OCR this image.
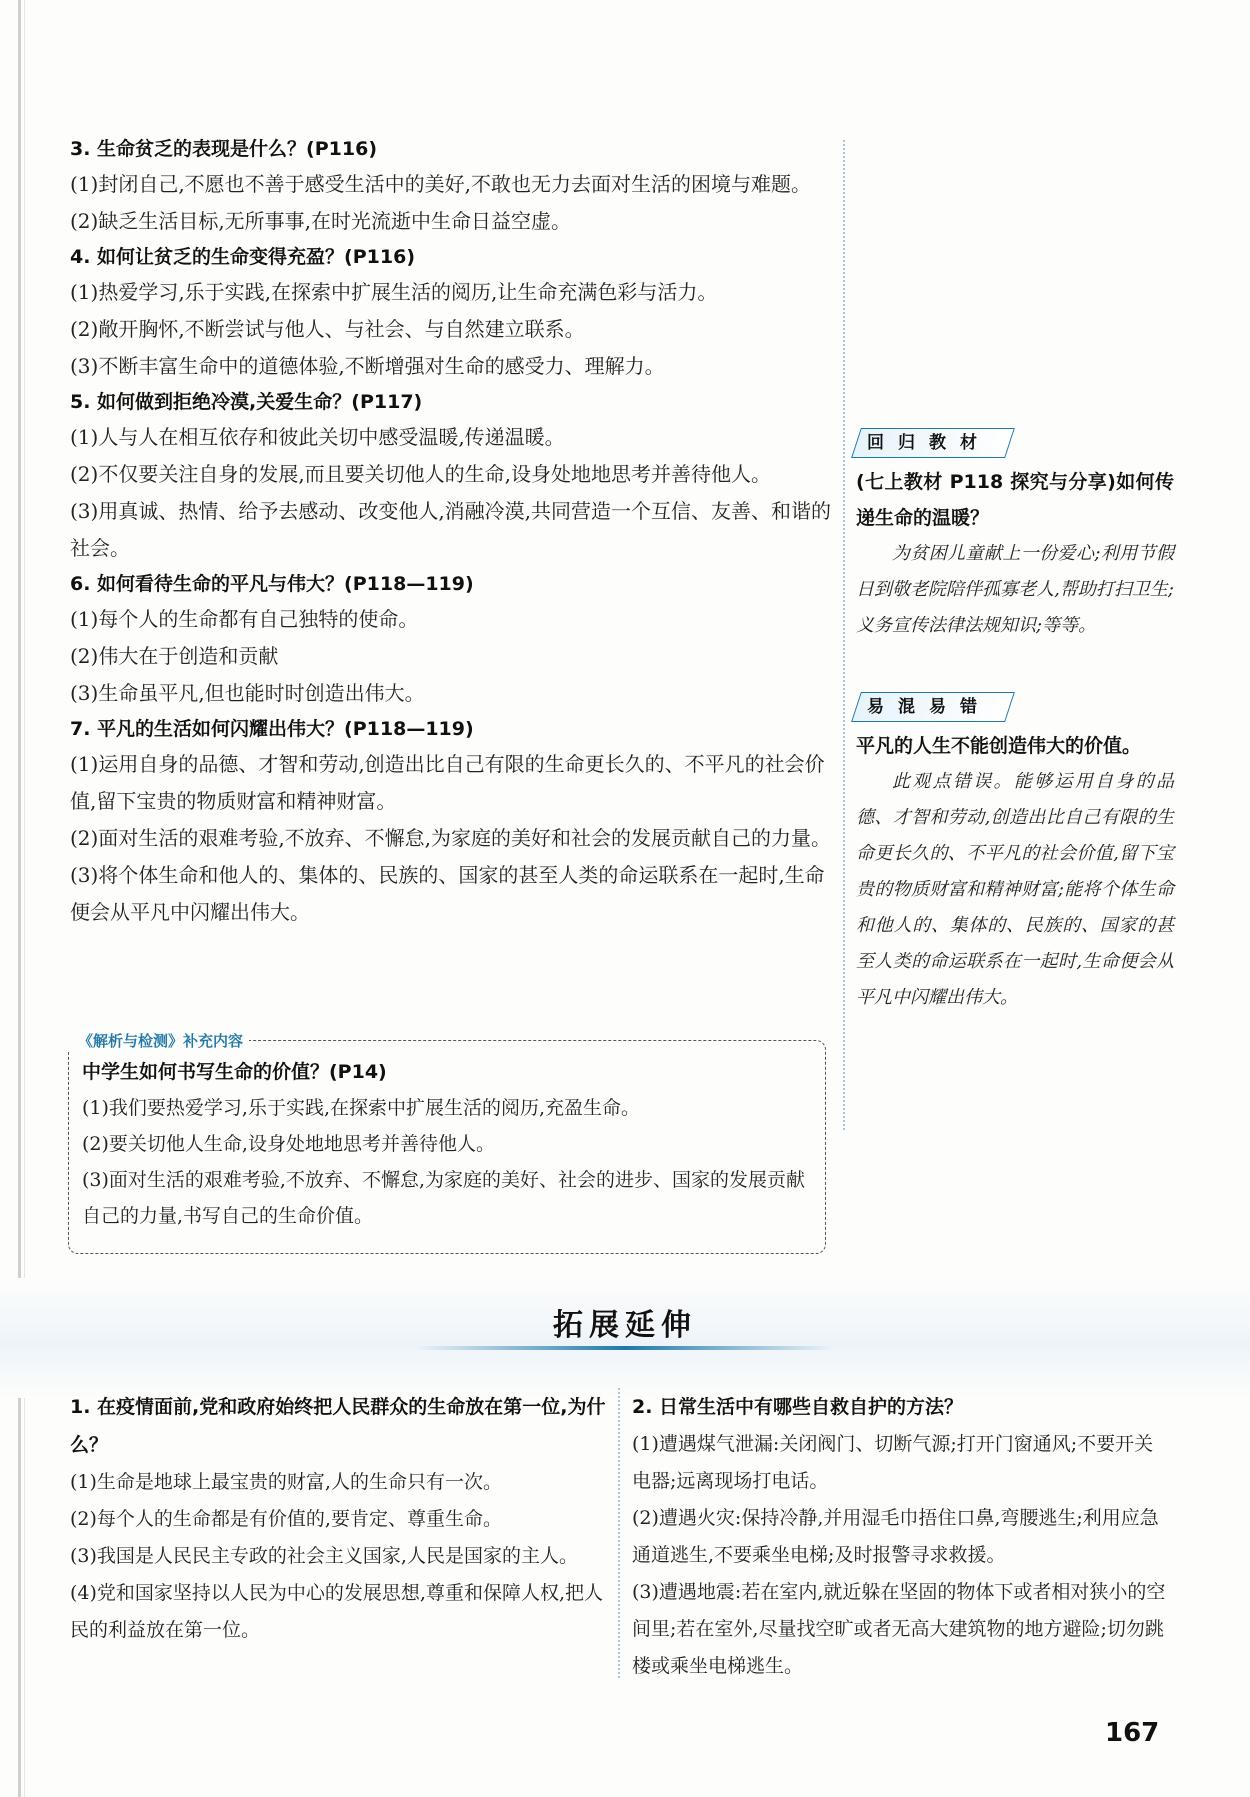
3. 生命贫乏的表现是什么？(P116)

(1)封闭自己,不愿也不善于感受生活中的美好,不敢也无力去面对生活的困境与难题。

(2)缺乏生活目标,无所事事,在时光流逝中生命日益空虚。

4. 如何让贫乏的生命变得充盈？(P116)

(1)热爱学习,乐于实践,在探索中扩展生活的阅历,让生命充满色彩与活力。

(2)敞开胸怀,不断尝试与他人、与社会、与自然建立联系。

(3)不断丰富生命中的道德体验,不断增强对生命的感受力、理解力。

5. 如何做到拒绝冷漠,关爱生命？(P117)

(1)人与人在相互依存和彼此关切中感受温暖,传递温暖。

(2)不仅要关注自身的发展,而且要关切他人的生命,设身处地地思考并善待他人。

(3)用真诚、热情、给予去感动、改变他人,消融冷漠,共同营造一个互信、友善、和谐的社会。

6. 如何看待生命的平凡与伟大？(P118—119)

(1)每个人的生命都有自己独特的使命。

(2)伟大在于创造和贡献

(3)生命虽平凡,但也能时时创造出伟大。

7. 平凡的生活如何闪耀出伟大？(P118—119)

(1)运用自身的品德、才智和劳动,创造出比自己有限的生命更长久的、不平凡的社会价值,留下宝贵的物质财富和精神财富。

(2)面对生活的艰难考验,不放弃、不懈怠,为家庭的美好和社会的发展贡献自己的力量。

(3)将个体生命和他人的、集体的、民族的、国家的甚至人类的命运联系在一起时,生命便会从平凡中闪耀出伟大。

回归教材

(七上教材 P118 探究与分享)如何传递生命的温暖？

为贫困儿童献上一份爱心;利用节假日到敬老院陪伴孤寡老人,帮助打扫卫生;义务宣传法律法规知识;等等。

易混易错

平凡的人生不能创造伟大的价值。

此观点错误。能够运用自身的品德、才智和劳动,创造出比自己有限的生命更长久的、不平凡的社会价值,留下宝贵的物质财富和精神财富;能将个体生命和他人的、集体的、民族的、国家的甚至人类的命运联系在一起时,生命便会从平凡中闪耀出伟大。

《解析与检测》补充内容

中学生如何书写生命的价值？(P14)

(1)我们要热爱学习,乐于实践,在探索中扩展生活的阅历,充盈生命。

(2)要关切他人生命,设身处地地思考并善待他人。

(3)面对生活的艰难考验,不放弃、不懈怠,为家庭的美好、社会的进步、国家的发展贡献自己的力量,书写自己的生命价值。

拓展延伸

1. 在疫情面前,党和政府始终把人民群众的生命放在第一位,为什么？

(1)生命是地球上最宝贵的财富,人的生命只有一次。

(2)每个人的生命都是有价值的,要肯定、尊重生命。

(3)我国是人民民主专政的社会主义国家,人民是国家的主人。

(4)党和国家坚持以人民为中心的发展思想,尊重和保障人权,把人民的利益放在第一位。

2. 日常生活中有哪些自救自护的方法？

(1)遭遇煤气泄漏:关闭阀门、切断气源;打开门窗通风;不要开关电器;远离现场打电话。

(2)遭遇火灾:保持冷静,并用湿毛巾捂住口鼻,弯腰逃生;利用应急通道逃生,不要乘坐电梯;及时报警寻求救援。

(3)遭遇地震:若在室内,就近躲在坚固的物体下或者相对狭小的空间里;若在室外,尽量找空旷或者无高大建筑物的地方避险;切勿跳楼或乘坐电梯逃生。

167
